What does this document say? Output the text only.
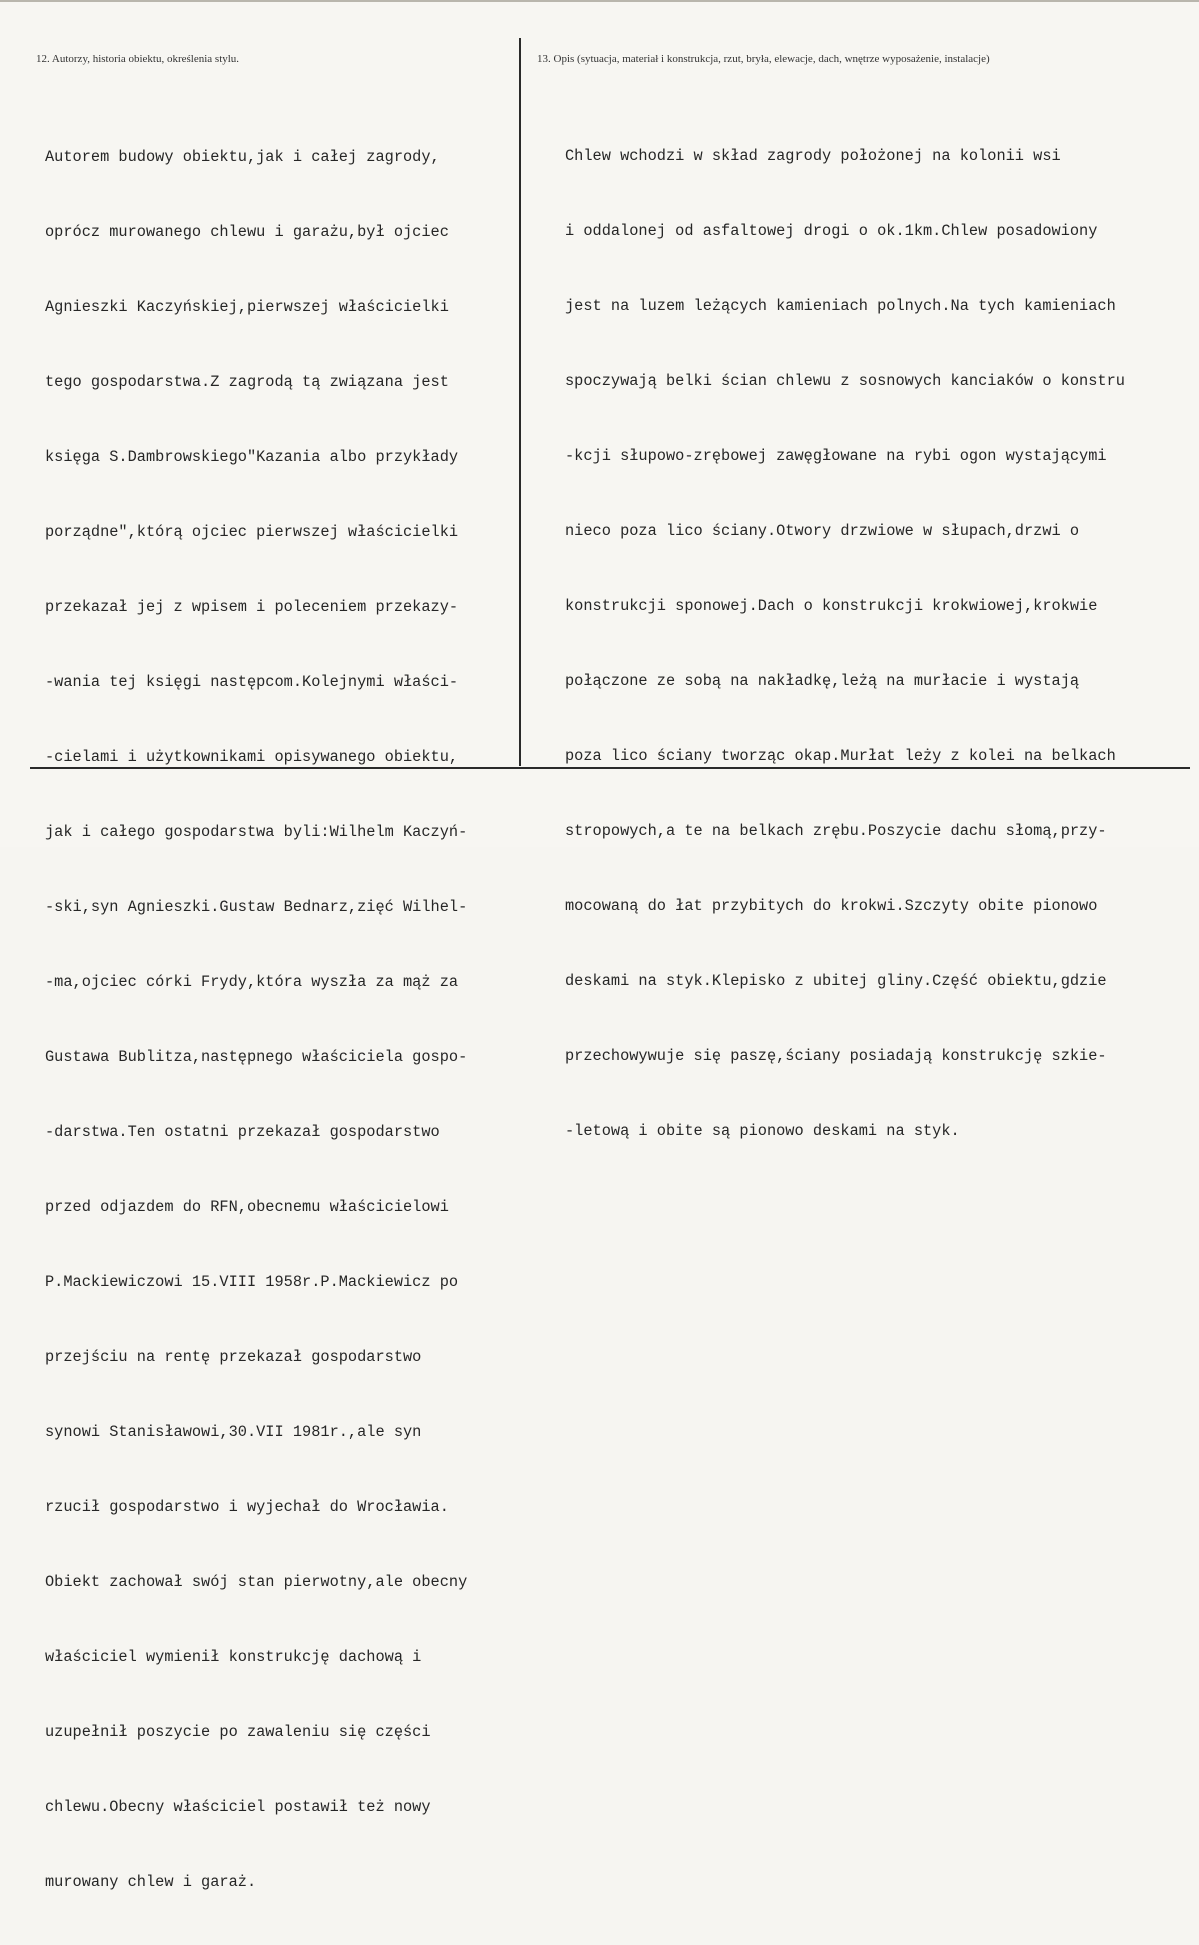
12. Autorzy, historia obiektu, określenia stylu.	13. Opis (sytuacja, materiał i konstrukcja, rzut, bryła, elewacje, dach, wnętrze wyposażenie, instalacje)

Autorem budowy obiektu,jak i całej zagrody,

oprócz murowanego chlewu i garażu,był ojciec

Agnieszki Kaczyńskiej,pierwszej właścicielki

tego gospodarstwa.Z zagrodą tą związana jest

księga S.Dambrowskiego"Kazania albo przykłady

porządne",którą ojciec pierwszej właścicielki

przekazał jej z wpisem i poleceniem przekazy-

-wania tej księgi następcom.Kolejnymi właści-

-cielami i użytkownikami opisywanego obiektu,

jak i całego gospodarstwa byli:Wilhelm Kaczyń-

-ski,syn Agnieszki.Gustaw Bednarz,zięć Wilhel-

-ma,ojciec córki Frydy,która wyszła za mąż za

Gustawa Bublitza,następnego właściciela gospo-

-darstwa.Ten ostatni przekazał gospodarstwo

przed odjazdem do RFN,obecnemu właścicielowi

P.Mackiewiczowi 15.VIII 1958r.P.Mackiewicz po

przejściu na rentę przekazał gospodarstwo

synowi Stanisławowi,30.VII 1981r.,ale syn

rzucił gospodarstwo i wyjechał do Wrocławia.

Obiekt zachował swój stan pierwotny,ale obecny

właściciel wymienił konstrukcję dachową i

uzupełnił poszycie po zawaleniu się części

chlewu.Obecny właściciel postawił też nowy

murowany chlew i garaż.

Chlew wchodzi w skład zagrody położonej na kolonii wsi

i oddalonej od asfaltowej drogi o ok.1km.Chlew posadowiony

jest na luzem leżących kamieniach polnych.Na tych kamieniach

spoczywają belki ścian chlewu z sosnowych kanciaków o konstru

-kcji słupowo-zrębowej zawęgłowane na rybi ogon wystającymi

nieco poza lico ściany.Otwory drzwiowe w słupach,drzwi o

konstrukcji sponowej.Dach o konstrukcji krokwiowej,krokwie

połączone ze sobą na nakładkę,leżą na murłacie i wystają

poza lico ściany tworząc okap.Murłat leży z kolei na belkach

stropowych,a te na belkach zrębu.Poszycie dachu słomą,przy-

mocowaną do łat przybitych do krokwi.Szczyty obite pionowo

deskami na styk.Klepisko z ubitej gliny.Część obiektu,gdzie

przechowywuje się paszę,ściany posiadają konstrukcję szkie-

-letową i obite są pionowo deskami na styk.
